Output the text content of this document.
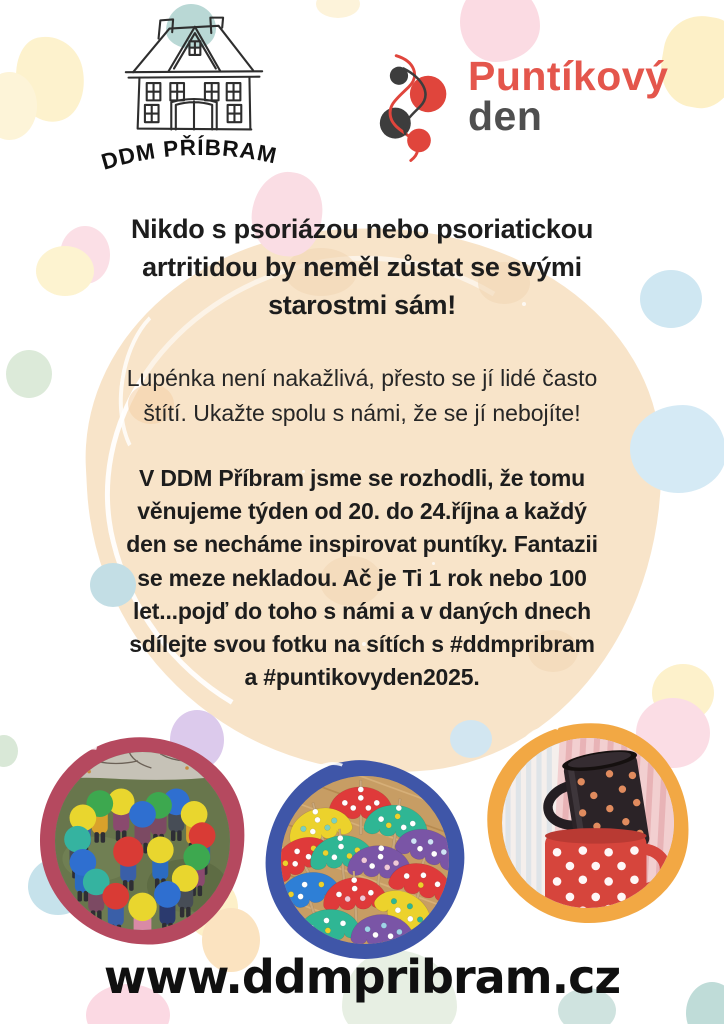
DDM PŘÍBRAM
Puntíkový
den
Nikdo s psoriázou nebo psoriatickou
artritidou by neměl zůstat se svými
starostmi sám!
Lupénka není nakažlivá, přesto se jí lidé často
štítí. Ukažte spolu s námi, že se jí nebojíte!
V DDM Příbram jsme se rozhodli, že tomu
věnujeme týden od 20. do 24.října a každý
den se necháme inspirovat puntíky. Fantazii
se meze nekladou. Ač je Ti 1 rok nebo 100
let...pojď do toho s námi a v daných dnech
sdílejte svou fotku na sítích s #ddmpribram
a #puntikovyden2025.
www.ddmpribram.cz
